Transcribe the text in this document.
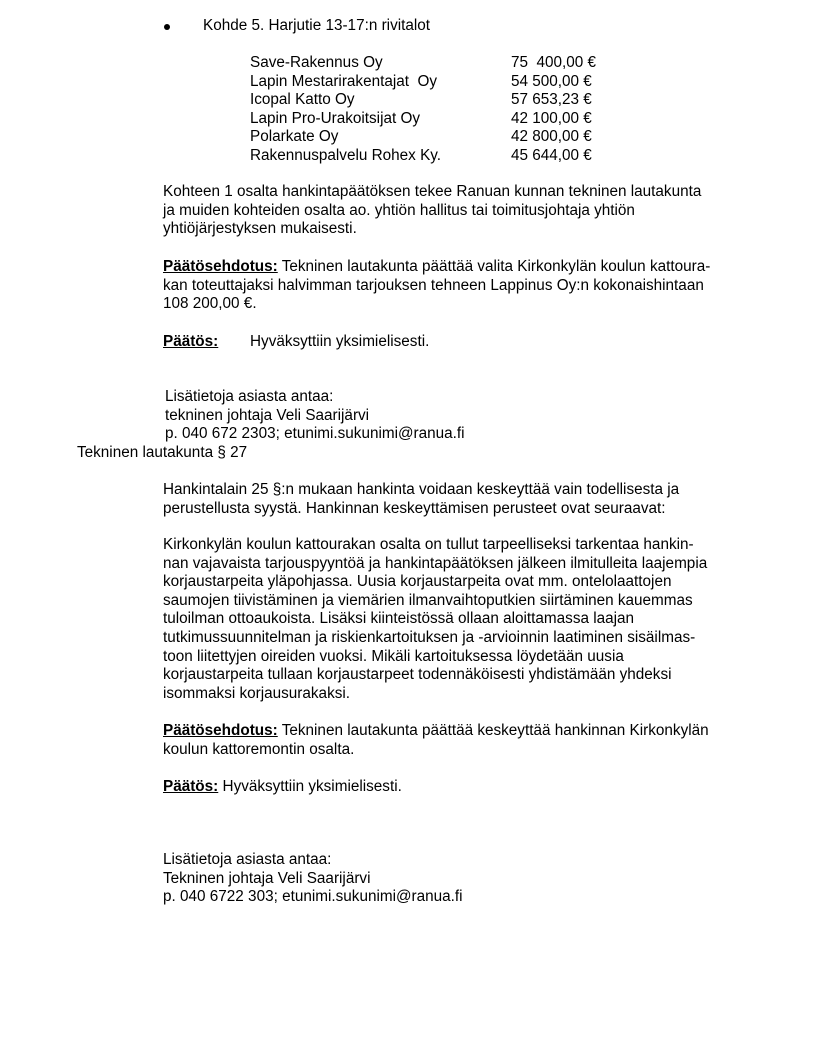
Kohde 5. Harjutie 13-17:n rivitalot
Save-Rakennus Oy	75  400,00 €
Lapin Mestarirakentajat  Oy	54 500,00 €
Icopal Katto Oy	57 653,23 €
Lapin Pro-Urakoitsijat Oy	42 100,00 €
Polarkate Oy	42 800,00 €
Rakennuspalvelu Rohex Ky.	45 644,00 €
Kohteen 1 osalta hankintapäätöksen tekee Ranuan kunnan tekninen lautakunta
ja muiden kohteiden osalta ao. yhtiön hallitus tai toimitusjohtaja yhtiön
yhtiöjärjestyksen mukaisesti.
Päätösehdotus: Tekninen lautakunta päättää valita Kirkonkylän koulun kattoura-
kan toteuttajaksi halvimman tarjouksen tehneen Lappinus Oy:n kokonaishintaan
108 200,00 €.
Päätös: Hyväksyttiin yksimielisesti.
Lisätietoja asiasta antaa:
tekninen johtaja Veli Saarijärvi
p. 040 672 2303; etunimi.sukunimi@ranua.fi
Tekninen lautakunta § 27
Hankintalain 25 §:n mukaan hankinta voidaan keskeyttää vain todellisesta ja
perustellusta syystä. Hankinnan keskeyttämisen perusteet ovat seuraavat:
Kirkonkylän koulun kattourakan osalta on tullut tarpeelliseksi tarkentaa hankin-
nan vajavaista tarjouspyyntöä ja hankintapäätöksen jälkeen ilmitulleita laajempia
korjaustarpeita yläpohjassa. Uusia korjaustarpeita ovat mm. ontelolaattojen
saumojen tiivistäminen ja viemärien ilmanvaihtoputkien siirtäminen kauemmas
tuloilman ottoaukoista. Lisäksi kiinteistössä ollaan aloittamassa laajan
tutkimussuunnitelman ja riskienkartoituksen ja -arvioinnin laatiminen sisäilmas-
toon liitettyjen oireiden vuoksi. Mikäli kartoituksessa löydetään uusia
korjaustarpeita tullaan korjaustarpeet todennäköisesti yhdistämään yhdeksi
isommaksi korjausurakaksi.
Päätösehdotus: Tekninen lautakunta päättää keskeyttää hankinnan Kirkonkylän
koulun kattoremontin osalta.
Päätös: Hyväksyttiin yksimielisesti.
Lisätietoja asiasta antaa:
Tekninen johtaja Veli Saarijärvi
p. 040 6722 303; etunimi.sukunimi@ranua.fi
